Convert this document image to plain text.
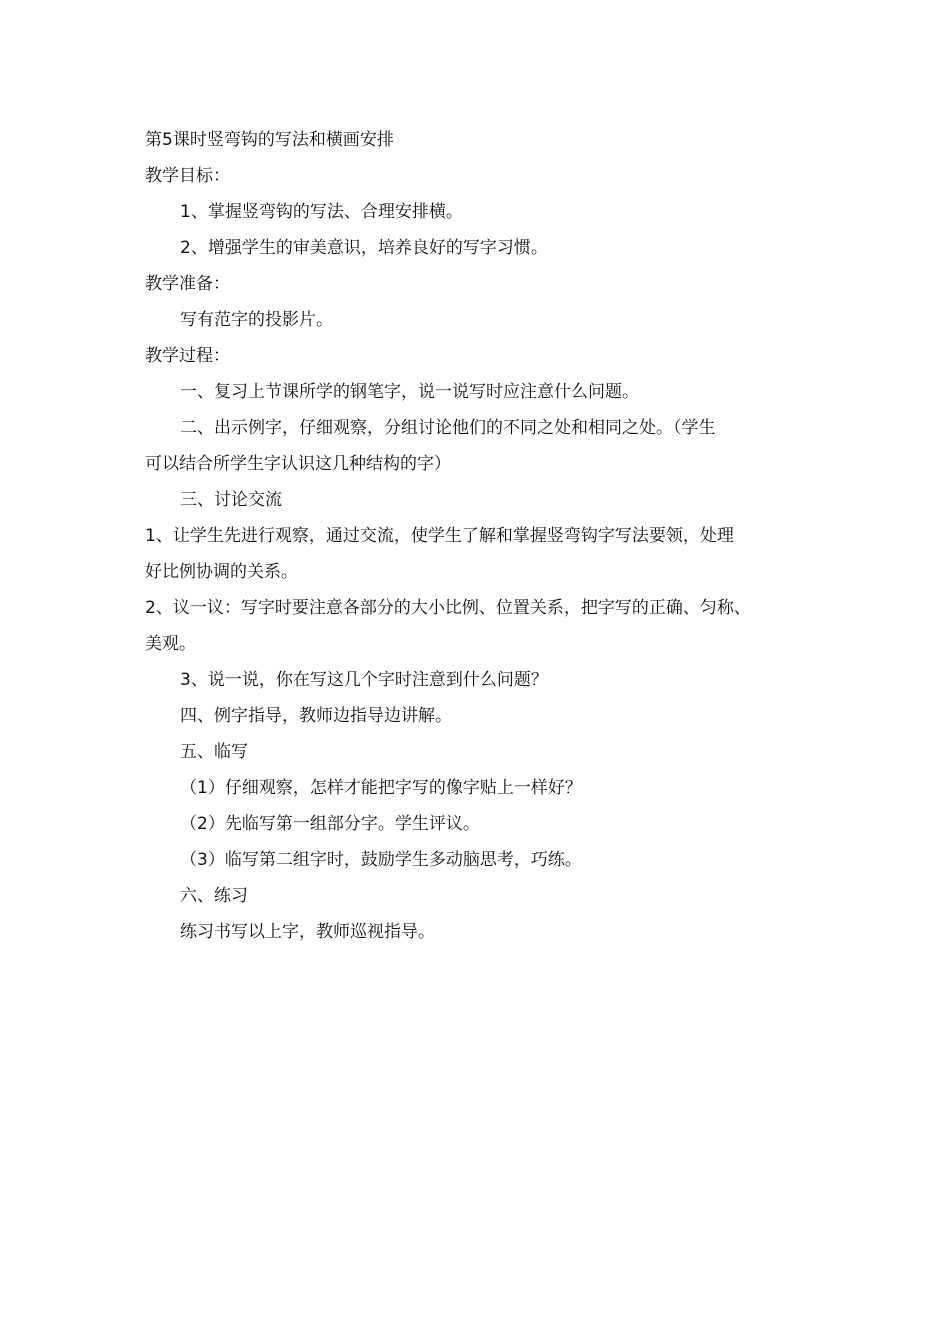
第5课时竖弯钩的写法和横画安排

教学目标：

1、掌握竖弯钩的写法、合理安排横。

2、增强学生的审美意识，培养良好的写字习惯。

教学准备：

写有范字的投影片。

教学过程：

一、复习上节课所学的钢笔字，说一说写时应注意什么问题。

二、出示例字，仔细观察，分组讨论他们的不同之处和相同之处。（学生

可以结合所学生字认识这几种结构的字）

三、讨论交流

1、让学生先进行观察，通过交流，使学生了解和掌握竖弯钩字写法要领，处理

好比例协调的关系。

2、议一议：写字时要注意各部分的大小比例、位置关系，把字写的正确、匀称、

美观。

3、说一说，你在写这几个字时注意到什么问题？

四、例字指导，教师边指导边讲解。

五、临写

（1）仔细观察，怎样才能把字写的像字贴上一样好？

（2）先临写第一组部分字。学生评议。

（3）临写第二组字时，鼓励学生多动脑思考，巧练。

六、练习

练习书写以上字，教师巡视指导。
